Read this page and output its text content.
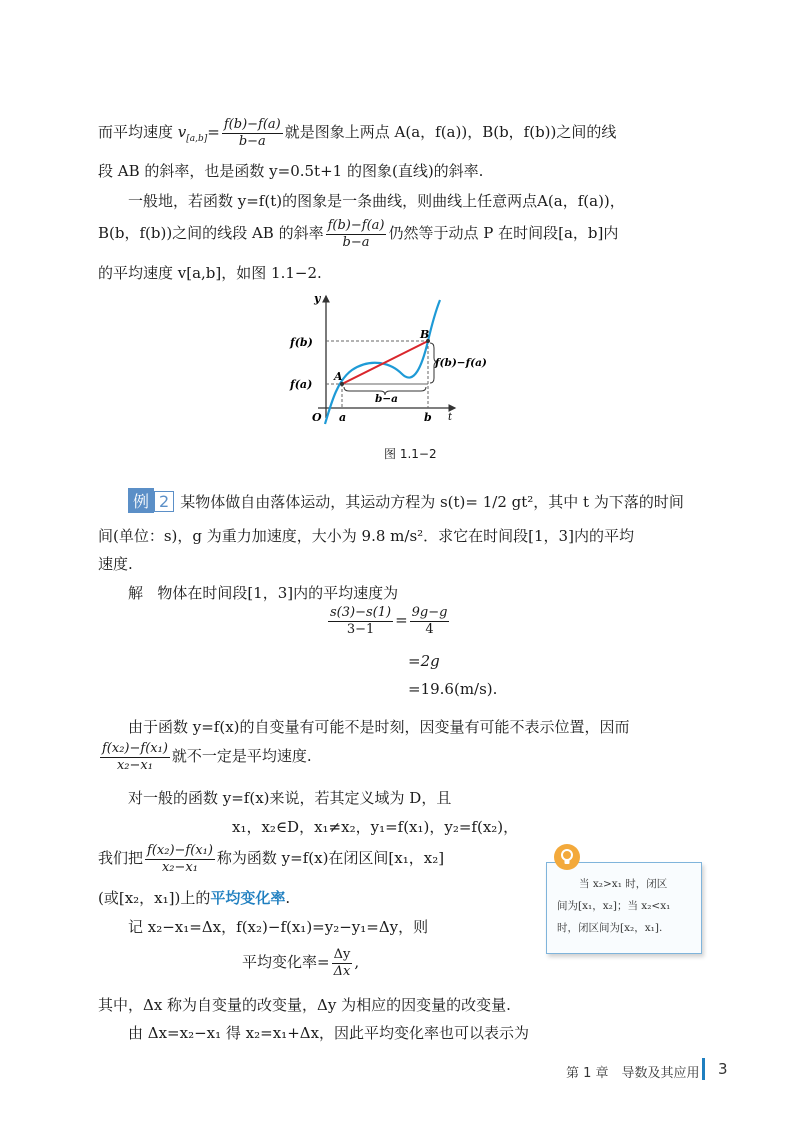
而平均速度 $v_{[a,b]}= \frac{f(b)-f(a)}{b-a}$ 就是图象上两点 A(a，f(a))，B(b，f(b))之间的线
段 AB 的斜率，也是函数 y=0.5t+1 的图象(直线)的斜率.
一般地，若函数 y=f(t)的图象是一条曲线，则曲线上任意两点A(a，f(a))，
B(b，f(b))之间的线段 AB 的斜率 $\frac{f(b)-f(a)}{b-a}$ 仍然等于动点 P 在时间段[a，b]内
的平均速度 v[a,b]，如图 1.1−2.
y
t
O
f(b)
f(a)
a	b
A
B
f(b)−f(a)
b−a
图 1.1−2
例 2 某物体做自由落体运动，其运动方程为 s(t)= 1/2 gt²，其中 t 为下落的时间
间(单位：s)，g 为重力加速度，大小为 9.8 m/s²．求它在时间段[1，3]内的平均
速度.
解 物体在时间段[1，3]内的平均速度为
$\frac{s(3)-s(1)}{3-1} = \frac{9g-g}{4}$
=2g
=19.6(m/s).
由于函数 y=f(x)的自变量有可能不是时刻，因变量有可能不表示位置，因而
$\frac{\text{f(x₂)−f(x₁)}}{\text{x₂−x₁}}$ 就不一定是平均速度.
对一般的函数 y=f(x)来说，若其定义域为 D，且
x₁，x₂∈D，x₁≠x₂，y₁=f(x₁)，y₂=f(x₂)，
我们把 $\frac{\text{f(x₂)−f(x₁)}}{\text{x₂−x₁}}$ 称为函数 y=f(x)在闭区间[x₁，x₂]
(或[x₂，x₁])上的平均变化率.
记 x₂−x₁=Δx，f(x₂)−f(x₁)=y₂−y₁=Δy，则
平均变化率= $\frac{\Delta y}{\Delta x}$ ,
其中，Δx 称为自变量的改变量，Δy 为相应的因变量的改变量.
由 Δx=x₂−x₁ 得 x₂=x₁+Δx，因此平均变化率也可以表示为
当 x₂>x₁ 时，闭区
间为[x₁，x₂]；当 x₂<x₁
时，闭区间为[x₂，x₁].
第 1 章　导数及其应用 3
